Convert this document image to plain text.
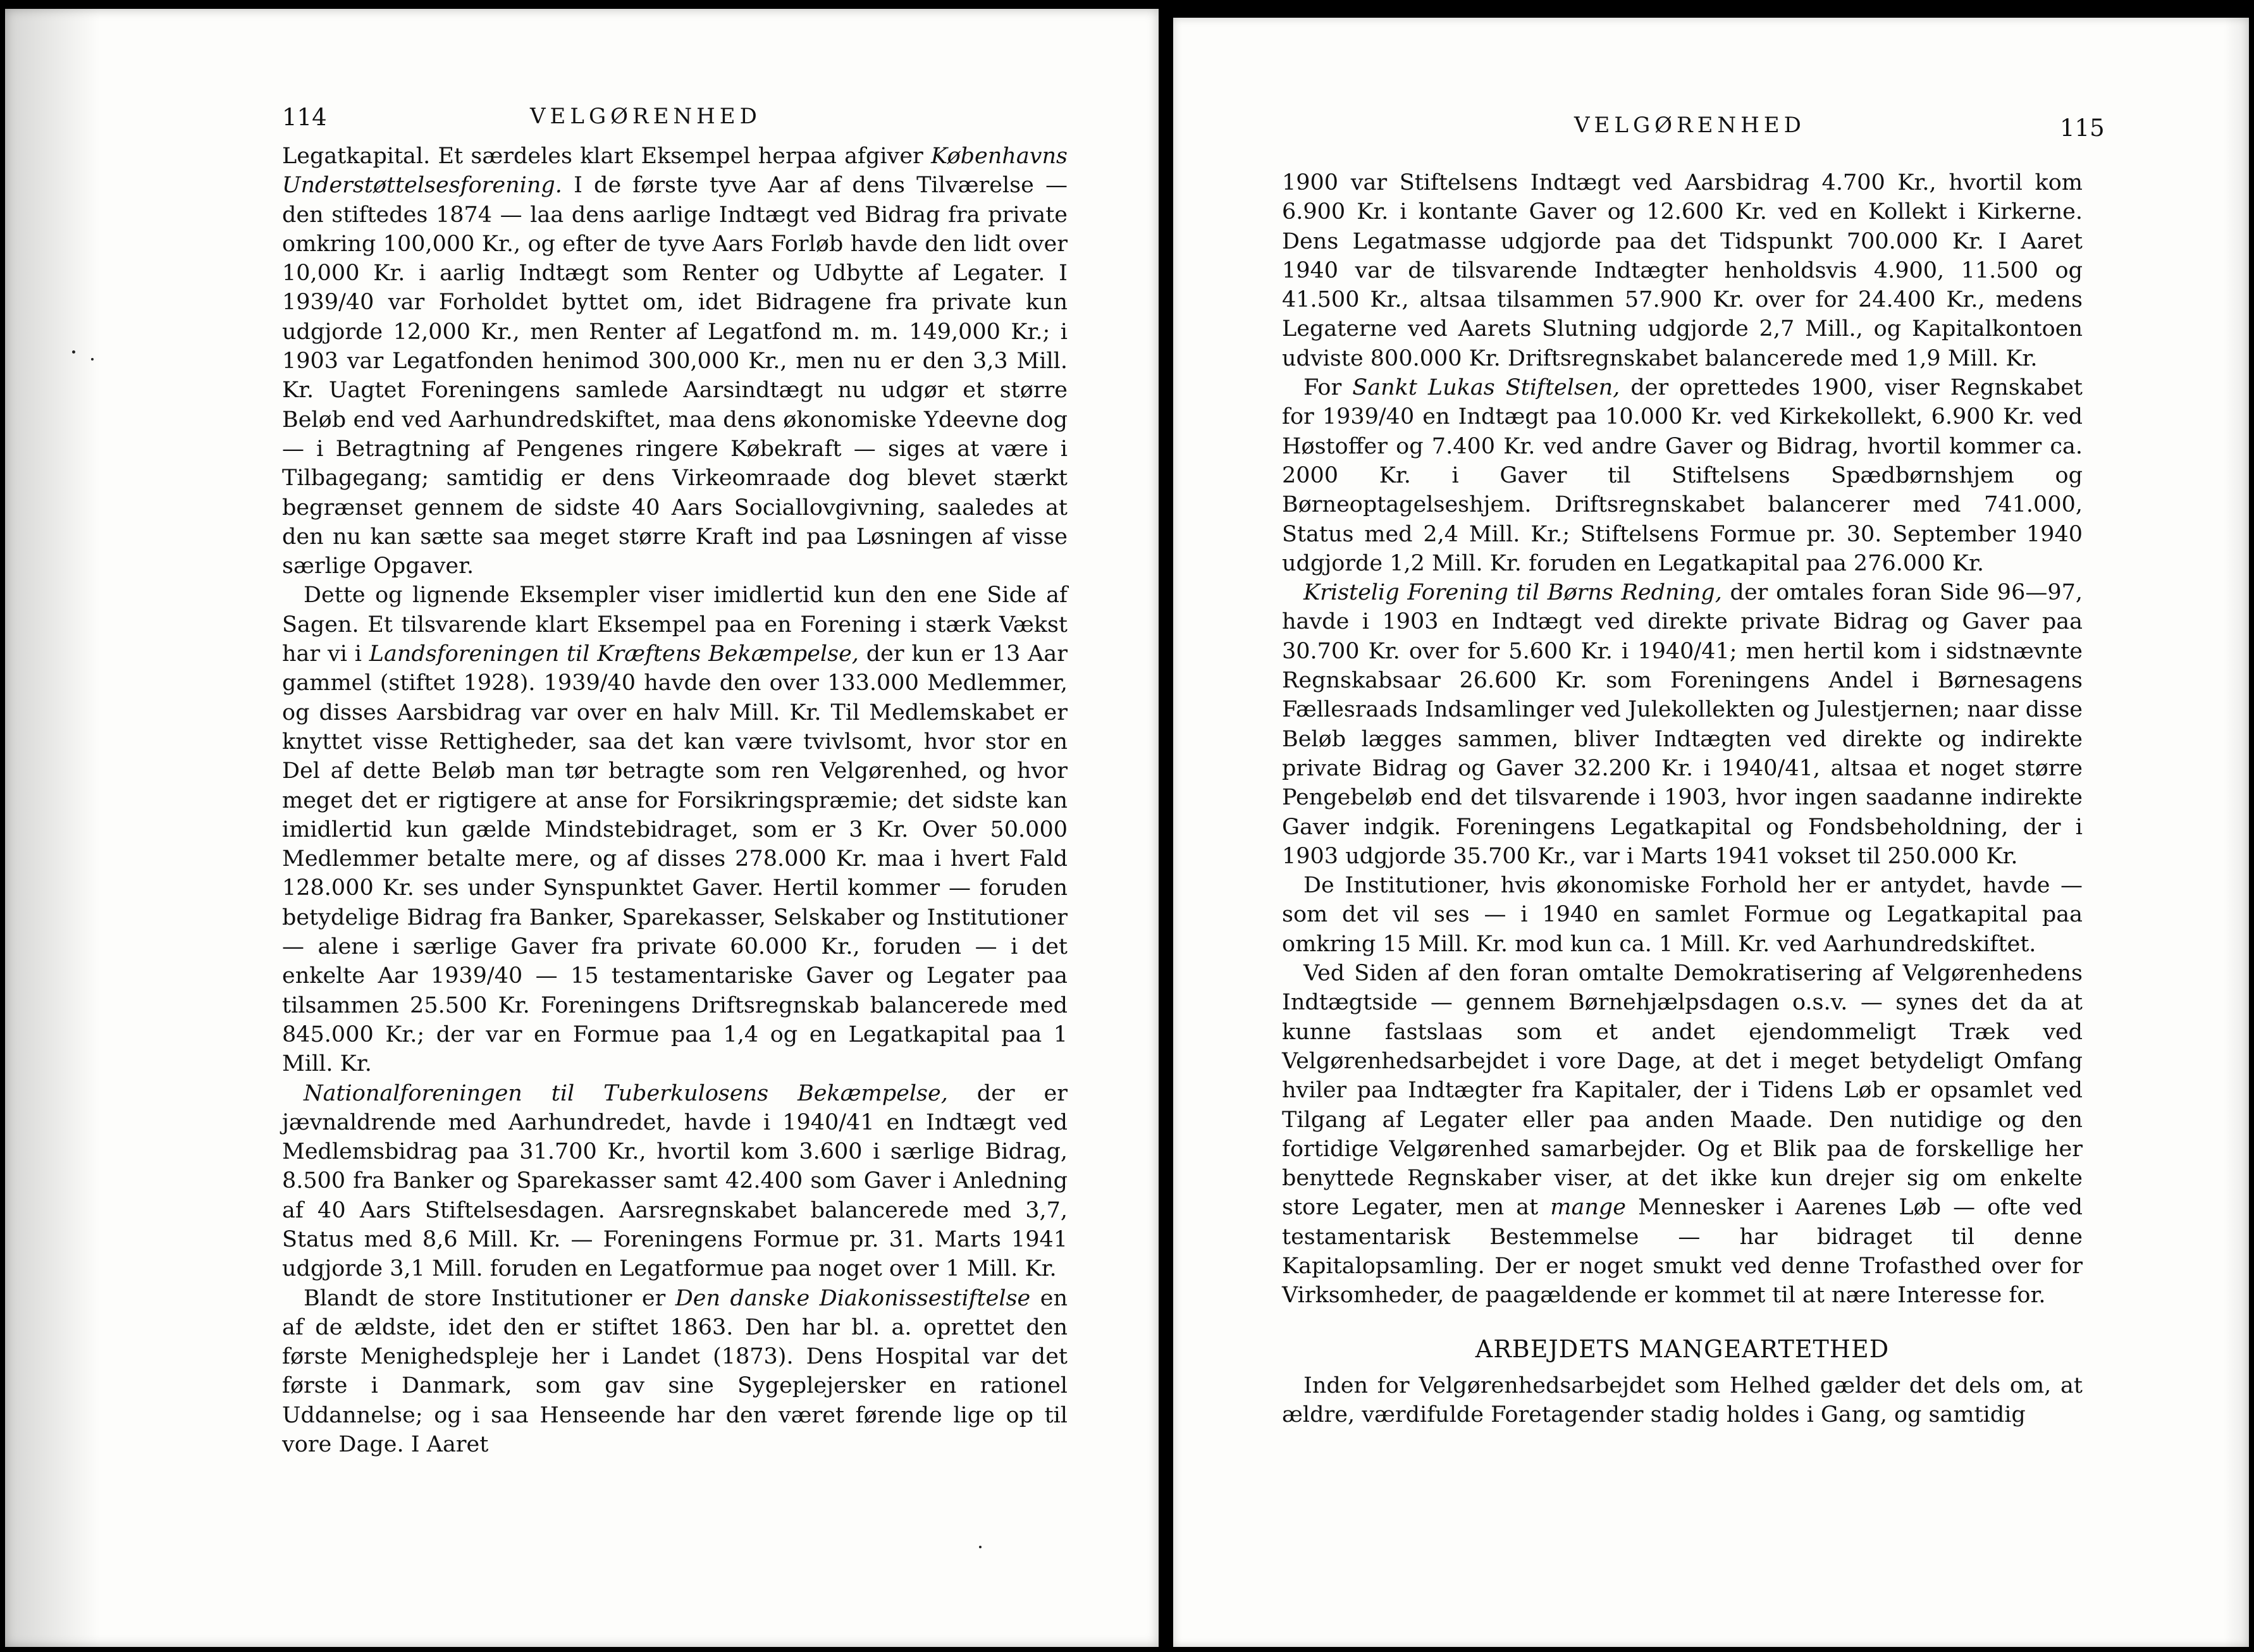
114	VELGØRENHED

Legatkapital. Et særdeles klart Eksempel herpaa afgiver Københavns Understøttelsesforening. I de første tyve Aar af dens Tilværelse — den stiftedes 1874 — laa dens aarlige Indtægt ved Bidrag fra private omkring 100,000 Kr., og efter de tyve Aars Forløb havde den lidt over 10,000 Kr. i aarlig Indtægt som Renter og Udbytte af Legater. I 1939/40 var Forholdet byttet om, idet Bidragene fra private kun udgjorde 12,000 Kr., men Renter af Legatfond m. m. 149,000 Kr.; i 1903 var Legatfonden henimod 300,000 Kr., men nu er den 3,3 Mill. Kr. Uagtet Foreningens samlede Aarsindtægt nu udgør et større Beløb end ved Aarhundredskiftet, maa dens økonomiske Ydeevne dog — i Betragtning af Pengenes ringere Købekraft — siges at være i Tilbagegang; samtidig er dens Virkeomraade dog blevet stærkt begrænset gennem de sidste 40 Aars Sociallovgivning, saaledes at den nu kan sætte saa meget større Kraft ind paa Løsningen af visse særlige Opgaver.

Dette og lignende Eksempler viser imidlertid kun den ene Side af Sagen. Et tilsvarende klart Eksempel paa en Forening i stærk Vækst har vi i Landsforeningen til Kræftens Bekæmpelse, der kun er 13 Aar gammel (stiftet 1928). 1939/40 havde den over 133.000 Medlemmer, og disses Aarsbidrag var over en halv Mill. Kr. Til Medlemskabet er knyttet visse Rettigheder, saa det kan være tvivlsomt, hvor stor en Del af dette Beløb man tør betragte som ren Velgørenhed, og hvor meget det er rigtigere at anse for Forsikringspræmie; det sidste kan imidlertid kun gælde Mindstebidraget, som er 3 Kr. Over 50.000 Medlemmer betalte mere, og af disses 278.000 Kr. maa i hvert Fald 128.000 Kr. ses under Synspunktet Gaver. Hertil kommer — foruden betydelige Bidrag fra Banker, Sparekasser, Selskaber og Institutioner — alene i særlige Gaver fra private 60.000 Kr., foruden — i det enkelte Aar 1939/40 — 15 testamentariske Gaver og Legater paa tilsammen 25.500 Kr. Foreningens Driftsregnskab balancerede med 845.000 Kr.; der var en Formue paa 1,4 og en Legatkapital paa 1 Mill. Kr.

Nationalforeningen til Tuberkulosens Bekæmpelse, der er jævnaldrende med Aarhundredet, havde i 1940/41 en Indtægt ved Medlemsbidrag paa 31.700 Kr., hvortil kom 3.600 i særlige Bidrag, 8.500 fra Banker og Sparekasser samt 42.400 som Gaver i Anledning af 40 Aars Stiftelsesdagen. Aarsregnskabet balancerede med 3,7, Status med 8,6 Mill. Kr. — Foreningens Formue pr. 31. Marts 1941 udgjorde 3,1 Mill. foruden en Legatformue paa noget over 1 Mill. Kr.

Blandt de store Institutioner er Den danske Diakonissestiftelse en af de ældste, idet den er stiftet 1863. Den har bl. a. oprettet den første Menighedspleje her i Landet (1873). Dens Hospital var det første i Danmark, som gav sine Sygeplejersker en rationel Uddannelse; og i saa Henseende har den været førende lige op til vore Dage. I Aaret

VELGØRENHED	115

1900 var Stiftelsens Indtægt ved Aarsbidrag 4.700 Kr., hvortil kom 6.900 Kr. i kontante Gaver og 12.600 Kr. ved en Kollekt i Kirkerne. Dens Legatmasse udgjorde paa det Tidspunkt 700.000 Kr. I Aaret 1940 var de tilsvarende Indtægter henholdsvis 4.900, 11.500 og 41.500 Kr., altsaa tilsammen 57.900 Kr. over for 24.400 Kr., medens Legaterne ved Aarets Slutning udgjorde 2,7 Mill., og Kapitalkontoen udviste 800.000 Kr. Driftsregnskabet balancerede med 1,9 Mill. Kr.

For Sankt Lukas Stiftelsen, der oprettedes 1900, viser Regnskabet for 1939/40 en Indtægt paa 10.000 Kr. ved Kirkekollekt, 6.900 Kr. ved Høstoffer og 7.400 Kr. ved andre Gaver og Bidrag, hvortil kommer ca. 2000 Kr. i Gaver til Stiftelsens Spædbørnshjem og Børneoptagelseshjem. Driftsregnskabet balancerer med 741.000, Status med 2,4 Mill. Kr.; Stiftelsens Formue pr. 30. September 1940 udgjorde 1,2 Mill. Kr. foruden en Legatkapital paa 276.000 Kr.

Kristelig Forening til Børns Redning, der omtales foran Side 96—97, havde i 1903 en Indtægt ved direkte private Bidrag og Gaver paa 30.700 Kr. over for 5.600 Kr. i 1940/41; men hertil kom i sidstnævnte Regnskabsaar 26.600 Kr. som Foreningens Andel i Børnesagens Fællesraads Indsamlinger ved Julekollekten og Julestjernen; naar disse Beløb lægges sammen, bliver Indtægten ved direkte og indirekte private Bidrag og Gaver 32.200 Kr. i 1940/41, altsaa et noget større Pengebeløb end det tilsvarende i 1903, hvor ingen saadanne indirekte Gaver indgik. Foreningens Legatkapital og Fondsbeholdning, der i 1903 udgjorde 35.700 Kr., var i Marts 1941 vokset til 250.000 Kr.

De Institutioner, hvis økonomiske Forhold her er antydet, havde — som det vil ses — i 1940 en samlet Formue og Legatkapital paa omkring 15 Mill. Kr. mod kun ca. 1 Mill. Kr. ved Aarhundredskiftet.

Ved Siden af den foran omtalte Demokratisering af Velgørenhedens Indtægtside — gennem Børnehjælpsdagen o.s.v. — synes det da at kunne fastslaas som et andet ejendommeligt Træk ved Velgørenhedsarbejdet i vore Dage, at det i meget betydeligt Omfang hviler paa Indtægter fra Kapitaler, der i Tidens Løb er opsamlet ved Tilgang af Legater eller paa anden Maade. Den nutidige og den fortidige Velgørenhed samarbejder. Og et Blik paa de forskellige her benyttede Regnskaber viser, at det ikke kun drejer sig om enkelte store Legater, men at mange Mennesker i Aarenes Løb — ofte ved testamentarisk Bestemmelse — har bidraget til denne Kapitalopsamling. Der er noget smukt ved denne Trofasthed over for Virksomheder, de paagældende er kommet til at nære Interesse for.

ARBEJDETS MANGEARTETHED

Inden for Velgørenhedsarbejdet som Helhed gælder det dels om, at ældre, værdifulde Foretagender stadig holdes i Gang, og samtidig
